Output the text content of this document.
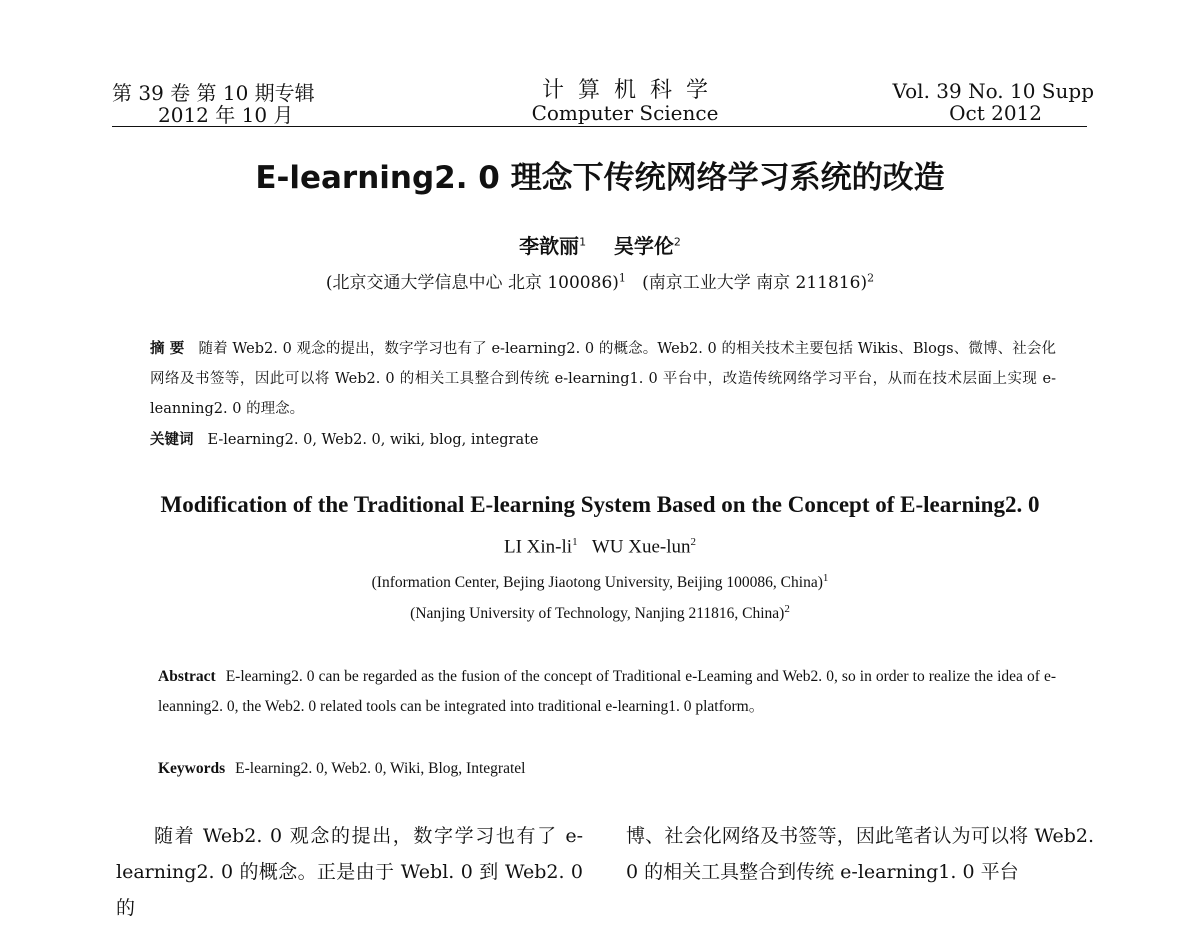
第 39 卷 第 10 期专辑
2012 年 10 月
计算机科学
Computer Science
Vol. 39 No. 10 Supp
Oct 2012
E-learning2. 0 理念下传统网络学习系统的改造
李歆丽$^1$ 吴学伦$^2$
(北京交通大学信息中心 北京 100086)$^1$ (南京工业大学 南京 211816)$^2$
摘 要 随着 Web2. 0 观念的提出，数字学习也有了 e-learning2. 0 的概念。Web2. 0 的相关技术主要包括 Wikis、Blogs、微博、社会化网络及书签等，因此可以将 Web2. 0 的相关工具整合到传统 e-learning1. 0 平台中，改造传统网络学习平台，从而在技术层面上实现 e-leanning2. 0 的理念。
关键词 E-learning2. 0, Web2. 0, wiki, blog, integrate
Modification of the Traditional E-learning System Based on the Concept of E-learning2. 0
LI Xin-$li^1$ WU Xue-lun$^2$
(Information Center, Bejing Jiaotong University, Beijing 100086, China)$^1$
(Nanjing University of Technology, Nanjing 211816, China)$^2$
Abstract E-learning2. 0 can be regarded as the fusion of the concept of Traditional e-Leaming and Web2. 0, so in order to realize the idea of e-leanning2. 0, the Web2. 0 related tools can be integrated into traditional e-learning1. 0 platform。
Keywords E-learning2. 0, Web2. 0, Wiki, Blog, Integratel
随着 Web2. 0 观念的提出，数字学习也有了 e-learning2. 0 的概念。正是由于 Webl. 0 到 Web2. 0 的
博、社会化网络及书签等，因此笔者认为可以将 Web2. 0 的相关工具整合到传统 e-learning1. 0 平台
